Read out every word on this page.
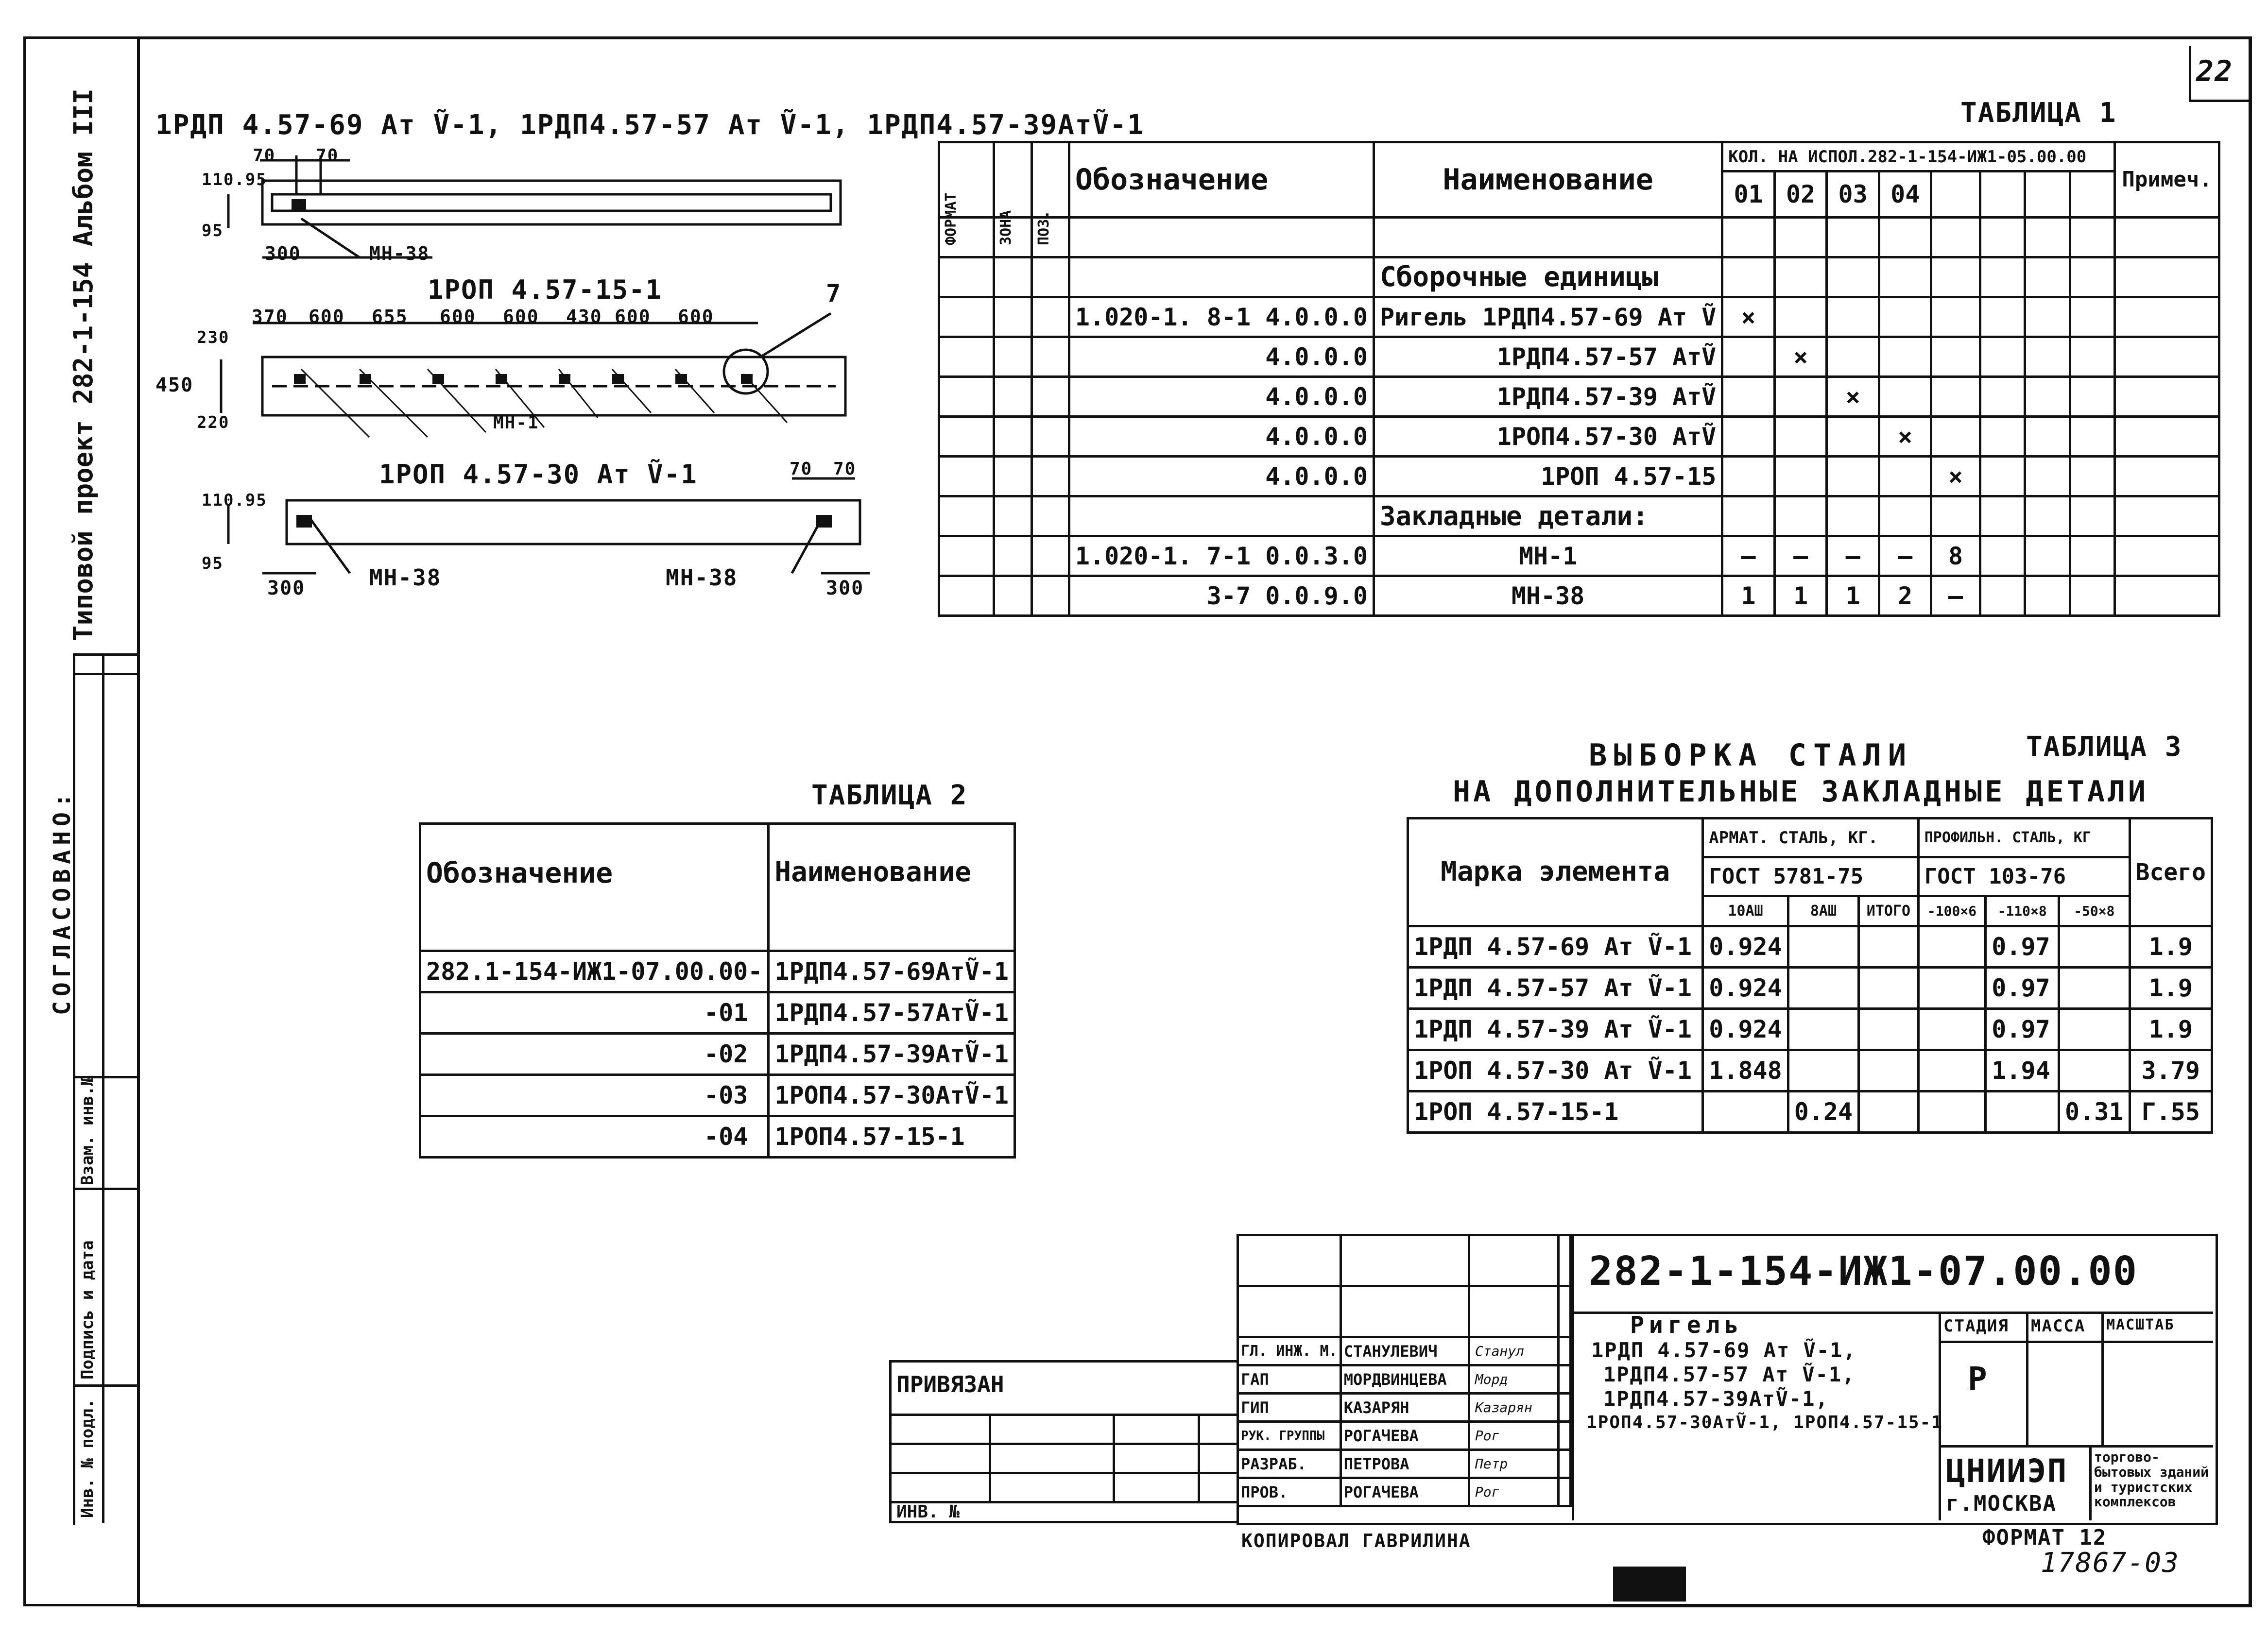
22
Типовой проект 282-1-154 Альбом III
СОГЛАСОВАНО:
Инв. № подл.
Подпись и дата
Взам. инв.№
1РДП 4.57-69 Ат Ṽ-1, 1РДП4.57-57 Ат Ṽ-1, 1РДП4.57-39АтṼ-1
70 70
110.95
95
300	МН-38
1РОП 4.57-15-1
370 600 655 600 600 430 600 600
230
450
220	МН-1
7
1РОП 4.57-30 Ат Ṽ-1	70 70
110.95
95
300	МН-38	МН-38	300
ТАБЛИЦА 1
ФОРМАТ	ЗОНА	ПОЗ.	Обозначение	Наименование	КОЛ. НА ИСПОЛ.282-1-154-ИЖ1-05.00.00								Примеч.
					01	02	03	04					

				Сборочные единицы									
			1.020-1. 8-1 4.0.0.0	Ригель 1РДП4.57-69 Ат Ṽ	×								
			4.0.0.0	1РДП4.57-57 АтṼ		×							
			4.0.0.0	1РДП4.57-39 АтṼ			×						
			4.0.0.0	1РОП4.57-30 АтṼ				×					
			4.0.0.0	1РОП 4.57-15					×				
				Закладные детали:									
			1.020-1. 7-1 0.0.3.0	МН-1	—	—	—	—	8				
			3-7 0.0.9.0	МН-38	1	1	1	2	—				
ТАБЛИЦА 2
Обозначение	Наименование
282.1-154-ИЖ1-07.00.00-	1РДП4.57-69АтṼ-1
-01	1РДП4.57-57АтṼ-1
-02	1РДП4.57-39АтṼ-1
-03	1РОП4.57-30АтṼ-1
-04	1РОП4.57-15-1
ВЫБОРКА СТАЛИ	ТАБЛИЦА 3
НА ДОПОЛНИТЕЛЬНЫЕ ЗАКЛАДНЫЕ ДЕТАЛИ
Марка элемента	АРМАТ. СТАЛЬ, КГ.			ПРОФИЛЬН. СТАЛЬ, КГ			Всего
	ГОСТ 5781-75			ГОСТ 103-76			
	10АШ	8АШ	ИТОГО	-100×6	-110×8	-50×8	
1РДП 4.57-69 Ат Ṽ-1	0.924				0.97		1.9
1РДП 4.57-57 Ат Ṽ-1	0.924				0.97		1.9
1РДП 4.57-39 Ат Ṽ-1	0.924				0.97		1.9
1РОП 4.57-30 Ат Ṽ-1	1.848				1.94		3.79
1РОП 4.57-15-1		0.24				0.31	Г.55
282-1-154-ИЖ1-07.00.00
СТАДИЯ МАССА МАСШТАБ
Р
ЦНИИЭП
г.МОСКВА
торгово-бытовых зданий и туристских комплексов
Ригель
1РДП 4.57-69 Ат Ṽ-1,
1РДП4.57-57 Ат Ṽ-1,
1РДП4.57-39АтṼ-1,
1РОП4.57-30АтṼ-1, 1РОП4.57-15-1

ГЛ. ИНЖ. М.	СТАНУЛЕВИЧ	Станул	
ГАП	МОРДВИНЦЕВА	Морд	
ГИП	КАЗАРЯН	Казарян	
РУК. ГРУППЫ	РОГАЧЕВА	Рог	
РАЗРАБ.	ПЕТРОВА	Петр	
ПРОВ.	РОГАЧЕВА	Рог	
ПРИВЯЗАН			

ИНВ. №			
КОПИРОВАЛ ГАВРИЛИНА	ФОРМАТ 12
17867-03
